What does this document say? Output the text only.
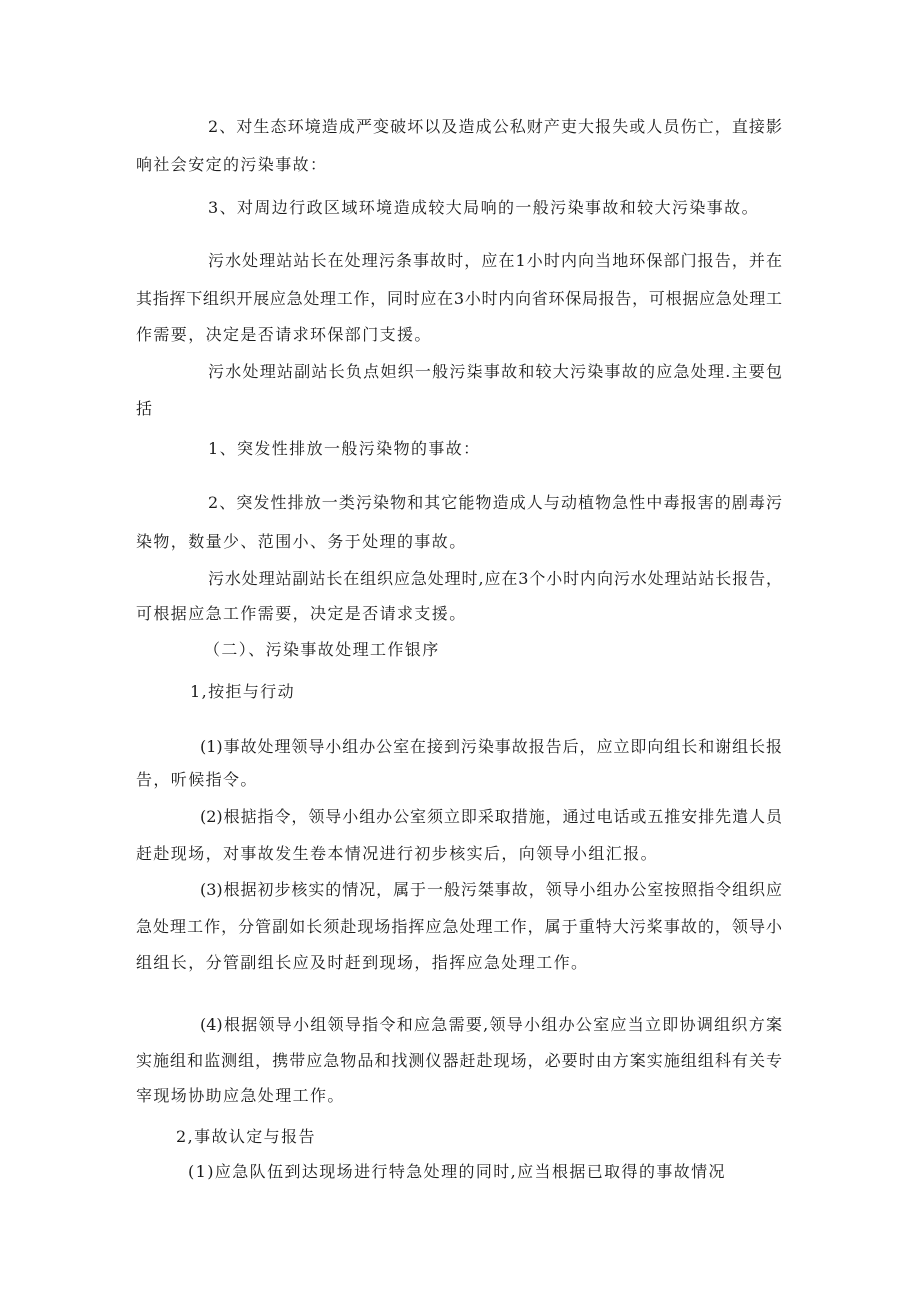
2、对生态环境造成严变破坏以及造成公私财产吏大报失或人员伤亡，直接影
响社会安定的污染事故：
3、对周边行政区域环境造成较大局响的一般污染事故和较大污染事故。
污水处理站站长在处理污条事故时，应在1小时内向当地环保部门报告，并在
其指挥下组织开展应急处理工作，同时应在3小时内向省环保局报告，可根据应急处理工
作需要，决定是否请求环保部门支援。
污水处理站副站长负点妲织一般污柒事故和较大污染事故的应急处理.主要包
括
1、突发性排放一般污染物的事故：
2、突发性排放一类污染物和其它能物造成人与动植物急性中毒报害的剧毒污
染物，数量少、范围小、务于处理的事故。
污水处理站副站长在组织应急处理时,应在3个小时内向污水处理站站长报告，
可根据应急工作需要，决定是否请求支援。
（二）、污染事故处理工作银序
1,按拒与行动
(1)事故处理领导小组办公室在接到污染事故报告后，应立即向组长和谢组长报
告，听候指令。
(2)根掂指令，领导小组办公室须立即采取措施，通过电话或五推安排先遣人员
赶赴现场，对事故发生卷本情况进行初步核实后，向领导小组汇报。
(3)根据初步核实的情况，属于一般污桀事故，领导小组办公室按照指令组织应
急处理工作，分管副如长须赴现场指挥应急处理工作，属于重特大污桨事故的，领导小
组组长，分管副组长应及时赶到现场，指挥应急处理工作。
(4)根据领导小组领导指令和应急需要,领导小组办公室应当立即协调组织方案
实施组和监测组，携带应急物品和找测仪器赶赴现场，必要时由方案实施组组科有关专
宰现场协助应急处理工作。
2,事故认定与报告
(1)应急队伍到达现场进行特急处理的同时,应当根据已取得的事故情况
